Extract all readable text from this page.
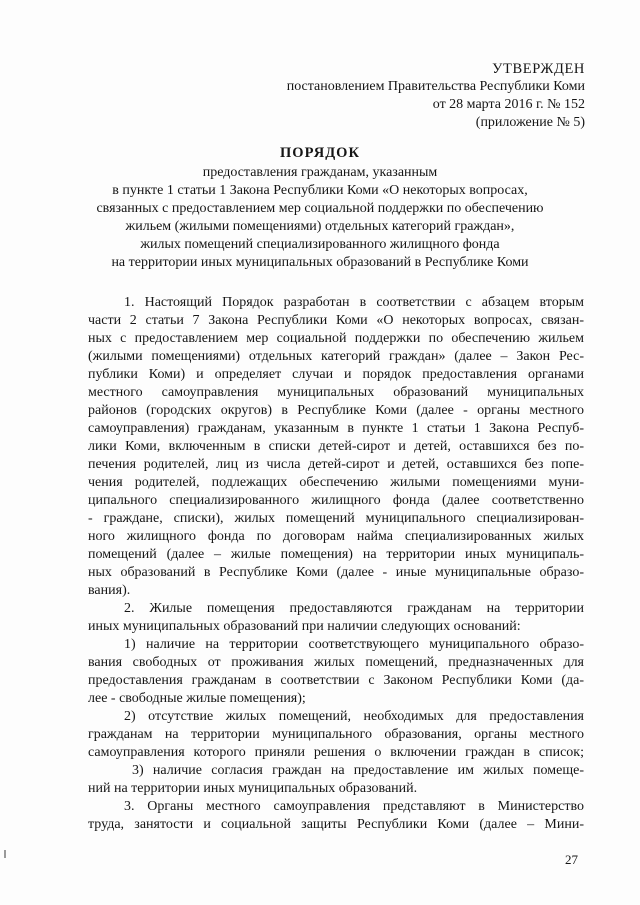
УТВЕРЖДЕН
постановлением Правительства Республики Коми
от 28 марта 2016 г. № 152
(приложение № 5)
ПОРЯДОК
предоставления гражданам, указанным
в пункте 1 статьи 1 Закона Республики Коми «О некоторых вопросах,
связанных с предоставлением мер социальной поддержки по обеспечению
жильем (жилыми помещениями) отдельных категорий граждан»,
жилых помещений специализированного жилищного фонда
на территории иных муниципальных образований в Республике Коми
1. Настоящий Порядок разработан в соответствии с абзацем вторым
части 2 статьи 7 Закона Республики Коми «О некоторых вопросах, связан-
ных с предоставлением мер социальной поддержки по обеспечению жильем
(жилыми помещениями) отдельных категорий граждан» (далее – Закон Рес-
публики Коми) и определяет случаи и порядок предоставления органами
местного самоуправления муниципальных образований муниципальных
районов (городских округов) в Республике Коми (далее - органы местного
самоуправления) гражданам, указанным в пункте 1 статьи 1 Закона Респуб-
лики Коми, включенным в списки детей-сирот и детей, оставшихся без по-
печения родителей, лиц из числа детей-сирот и детей, оставшихся без попе-
чения родителей, подлежащих обеспечению жилыми помещениями муни-
ципального специализированного жилищного фонда (далее соответственно
- граждане, списки), жилых помещений муниципального специализирован-
ного жилищного фонда по договорам найма специализированных жилых
помещений (далее – жилые помещения) на территории иных муниципаль-
ных образований в Республике Коми (далее - иные муниципальные образо-
вания).
2. Жилые помещения предоставляются гражданам на территории
иных муниципальных образований при наличии следующих оснований:
1) наличие на территории соответствующего муниципального образо-
вания свободных от проживания жилых помещений, предназначенных для
предоставления гражданам в соответствии с Законом Республики Коми (да-
лее - свободные жилые помещения);
2) отсутствие жилых помещений, необходимых для предоставления
гражданам на территории муниципального образования, органы местного
самоуправления которого приняли решения о включении граждан в список;
3) наличие согласия граждан на предоставление им жилых помеще-
ний на территории иных муниципальных образований.
3. Органы местного самоуправления представляют в Министерство
труда, занятости и социальной защиты Республики Коми (далее – Мини-
27
